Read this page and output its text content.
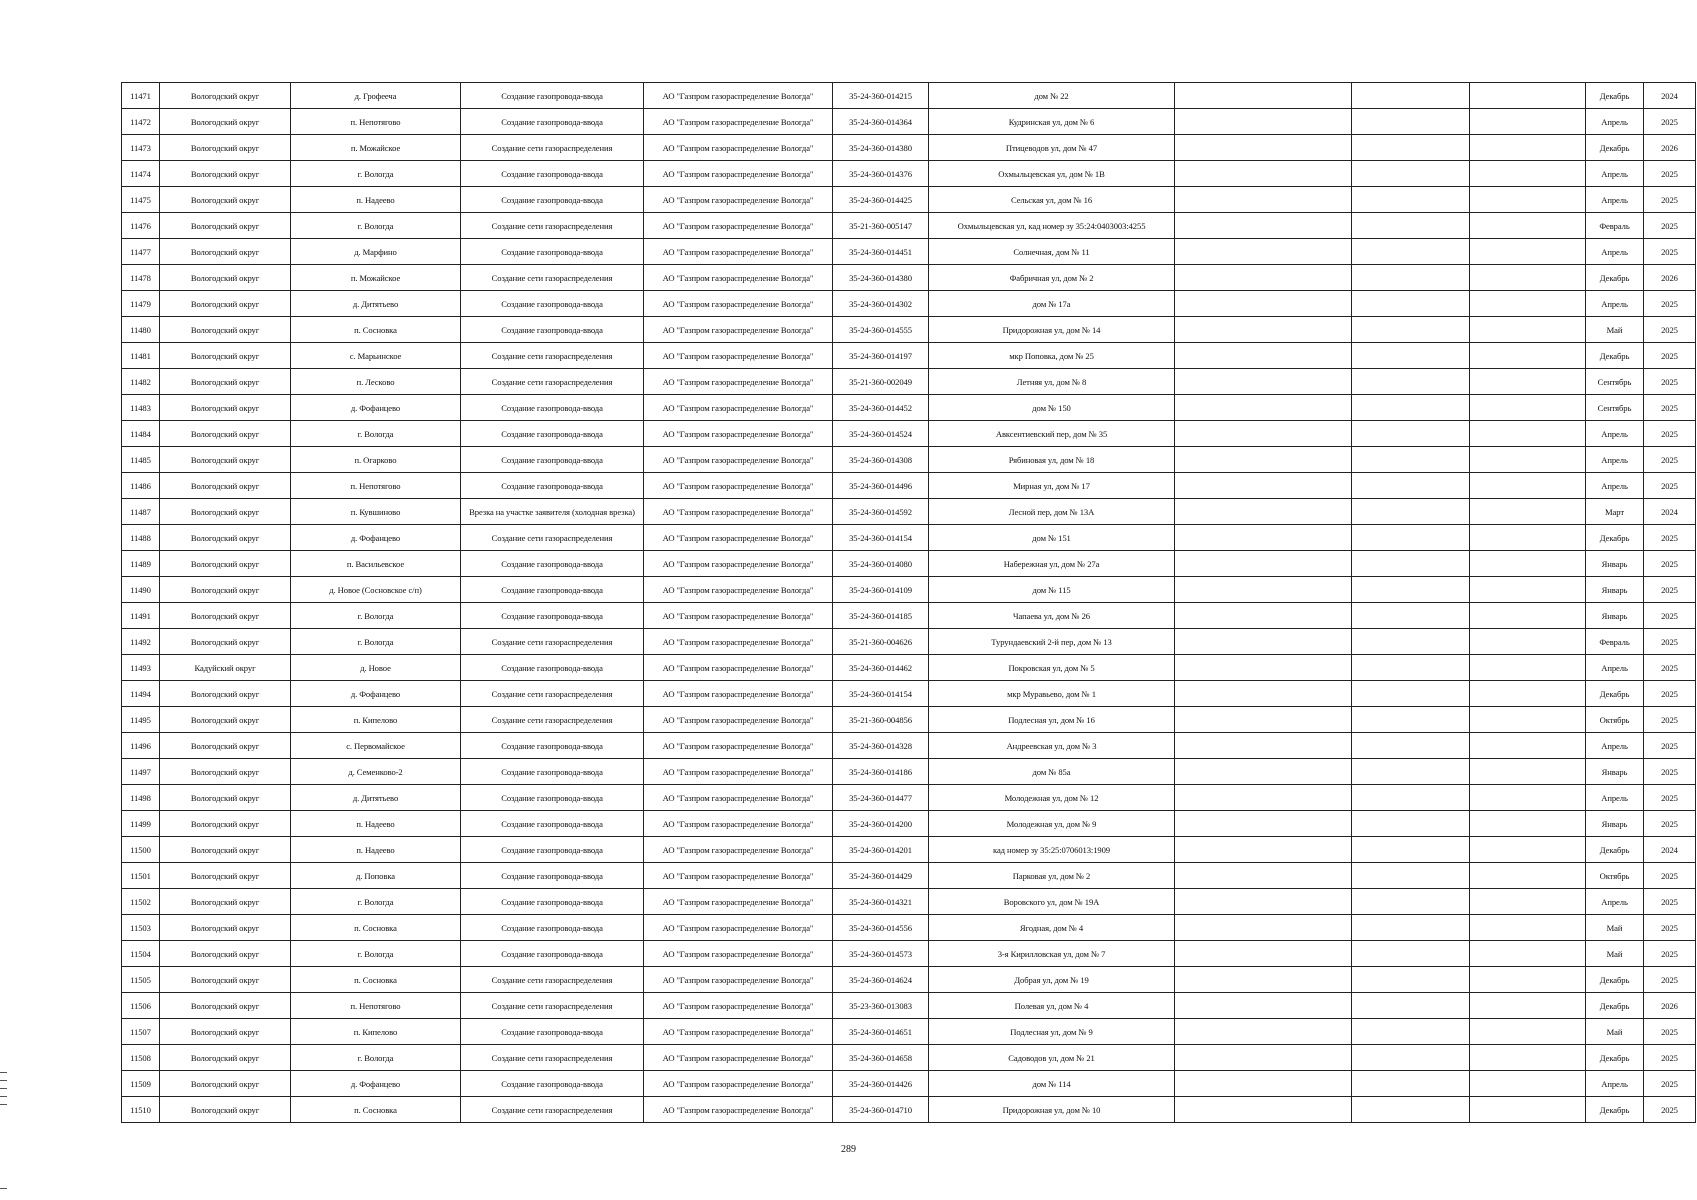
11471	Вологодский округ	д. Грофееча	Создание газопровода-ввода	АО "Газпром газораспределение Вологда"	35-24-360-014215	дом № 22				Декабрь	2024
11472	Вологодский округ	п. Непотягово	Создание газопровода-ввода	АО "Газпром газораспределение Вологда"	35-24-360-014364	Кудринская ул, дом № 6				Апрель	2025
11473	Вологодский округ	п. Можайское	Создание сети газораспределения	АО "Газпром газораспределение Вологда"	35-24-360-014380	Птицеводов ул, дом № 47				Декабрь	2026
11474	Вологодский округ	г. Вологда	Создание газопровода-ввода	АО "Газпром газораспределение Вологда"	35-24-360-014376	Охмыльцевская ул, дом № 1В				Апрель	2025
11475	Вологодский округ	п. Надеево	Создание газопровода-ввода	АО "Газпром газораспределение Вологда"	35-24-360-014425	Сельская ул, дом № 16				Апрель	2025
11476	Вологодский округ	г. Вологда	Создание сети газораспределения	АО "Газпром газораспределение Вологда"	35-21-360-005147	Охмыльцевская ул, кад номер зу 35:24:0403003:4255				Февраль	2025
11477	Вологодский округ	д. Марфино	Создание газопровода-ввода	АО "Газпром газораспределение Вологда"	35-24-360-014451	Солнечная, дом № 11				Апрель	2025
11478	Вологодский округ	п. Можайское	Создание сети газораспределения	АО "Газпром газораспределение Вологда"	35-24-360-014380	Фабричная ул, дом № 2				Декабрь	2026
11479	Вологодский округ	д. Дитятьево	Создание газопровода-ввода	АО "Газпром газораспределение Вологда"	35-24-360-014302	дом № 17а				Апрель	2025
11480	Вологодский округ	п. Сосновка	Создание газопровода-ввода	АО "Газпром газораспределение Вологда"	35-24-360-014555	Придорожная ул, дом № 14				Май	2025
11481	Вологодский округ	с. Марьинское	Создание сети газораспределения	АО "Газпром газораспределение Вологда"	35-24-360-014197	мкр Поповка, дом № 25				Декабрь	2025
11482	Вологодский округ	п. Лесково	Создание сети газораспределения	АО "Газпром газораспределение Вологда"	35-21-360-002049	Летняя ул, дом № 8				Сентябрь	2025
11483	Вологодский округ	д. Фофанцево	Создание газопровода-ввода	АО "Газпром газораспределение Вологда"	35-24-360-014452	дом № 150				Сентябрь	2025
11484	Вологодский округ	г. Вологда	Создание газопровода-ввода	АО "Газпром газораспределение Вологда"	35-24-360-014524	Авксентиевский пер, дом № 35				Апрель	2025
11485	Вологодский округ	п. Огарково	Создание газопровода-ввода	АО "Газпром газораспределение Вологда"	35-24-360-014308	Рябиновая ул, дом № 18				Апрель	2025
11486	Вологодский округ	п. Непотягово	Создание газопровода-ввода	АО "Газпром газораспределение Вологда"	35-24-360-014496	Мирная ул, дом № 17				Апрель	2025
11487	Вологодский округ	п. Кувшиново	Врезка на участке заявителя (холодная врезка)	АО "Газпром газораспределение Вологда"	35-24-360-014592	Лесной пер, дом № 13А				Март	2024
11488	Вологодский округ	д. Фофанцево	Создание сети газораспределения	АО "Газпром газораспределение Вологда"	35-24-360-014154	дом № 151				Декабрь	2025
11489	Вологодский округ	п. Васильевское	Создание газопровода-ввода	АО "Газпром газораспределение Вологда"	35-24-360-014080	Набережная ул, дом № 27а				Январь	2025
11490	Вологодский округ	д. Новое (Сосновское с/п)	Создание газопровода-ввода	АО "Газпром газораспределение Вологда"	35-24-360-014109	дом № 115				Январь	2025
11491	Вологодский округ	г. Вологда	Создание газопровода-ввода	АО "Газпром газораспределение Вологда"	35-24-360-014185	Чапаева ул, дом № 26				Январь	2025
11492	Вологодский округ	г. Вологда	Создание сети газораспределения	АО "Газпром газораспределение Вологда"	35-21-360-004626	Турундаевский 2-й пер, дом № 13				Февраль	2025
11493	Кадуйский округ	д. Новое	Создание газопровода-ввода	АО "Газпром газораспределение Вологда"	35-24-360-014462	Покровская ул, дом № 5				Апрель	2025
11494	Вологодский округ	д. Фофанцево	Создание сети газораспределения	АО "Газпром газораспределение Вологда"	35-24-360-014154	мкр Муравьево, дом № 1				Декабрь	2025
11495	Вологодский округ	п. Кипелово	Создание сети газораспределения	АО "Газпром газораспределение Вологда"	35-21-360-004856	Подлесная ул, дом № 16				Октябрь	2025
11496	Вологодский округ	с. Первомайское	Создание газопровода-ввода	АО "Газпром газораспределение Вологда"	35-24-360-014328	Андреевская ул, дом № 3				Апрель	2025
11497	Вологодский округ	д. Семенково-2	Создание газопровода-ввода	АО "Газпром газораспределение Вологда"	35-24-360-014186	дом № 85а				Январь	2025
11498	Вологодский округ	д. Дитятьево	Создание газопровода-ввода	АО "Газпром газораспределение Вологда"	35-24-360-014477	Молодежная ул, дом № 12				Апрель	2025
11499	Вологодский округ	п. Надеево	Создание газопровода-ввода	АО "Газпром газораспределение Вологда"	35-24-360-014200	Молодежная ул, дом № 9				Январь	2025
11500	Вологодский округ	п. Надеево	Создание газопровода-ввода	АО "Газпром газораспределение Вологда"	35-24-360-014201	кад номер зу 35:25:0706013:1909				Декабрь	2024
11501	Вологодский округ	д. Поповка	Создание газопровода-ввода	АО "Газпром газораспределение Вологда"	35-24-360-014429	Парковая ул, дом № 2				Октябрь	2025
11502	Вологодский округ	г. Вологда	Создание газопровода-ввода	АО "Газпром газораспределение Вологда"	35-24-360-014321	Воровского ул, дом № 19А				Апрель	2025
11503	Вологодский округ	п. Сосновка	Создание газопровода-ввода	АО "Газпром газораспределение Вологда"	35-24-360-014556	Ягодная, дом № 4				Май	2025
11504	Вологодский округ	г. Вологда	Создание газопровода-ввода	АО "Газпром газораспределение Вологда"	35-24-360-014573	3-я Кирилловская ул, дом № 7				Май	2025
11505	Вологодский округ	п. Сосновка	Создание сети газораспределения	АО "Газпром газораспределение Вологда"	35-24-360-014624	Добрая ул, дом № 19				Декабрь	2025
11506	Вологодский округ	п. Непотягово	Создание сети газораспределения	АО "Газпром газораспределение Вологда"	35-23-360-013083	Полевая ул, дом № 4				Декабрь	2026
11507	Вологодский округ	п. Кипелово	Создание газопровода-ввода	АО "Газпром газораспределение Вологда"	35-24-360-014651	Подлесная ул, дом № 9				Май	2025
11508	Вологодский округ	г. Вологда	Создание сети газораспределения	АО "Газпром газораспределение Вологда"	35-24-360-014658	Садоводов ул, дом № 21				Декабрь	2025
11509	Вологодский округ	д. Фофанцево	Создание газопровода-ввода	АО "Газпром газораспределение Вологда"	35-24-360-014426	дом № 114				Апрель	2025
11510	Вологодский округ	п. Сосновка	Создание сети газораспределения	АО "Газпром газораспределение Вологда"	35-24-360-014710	Придорожная ул, дом № 10				Декабрь	2025
289
